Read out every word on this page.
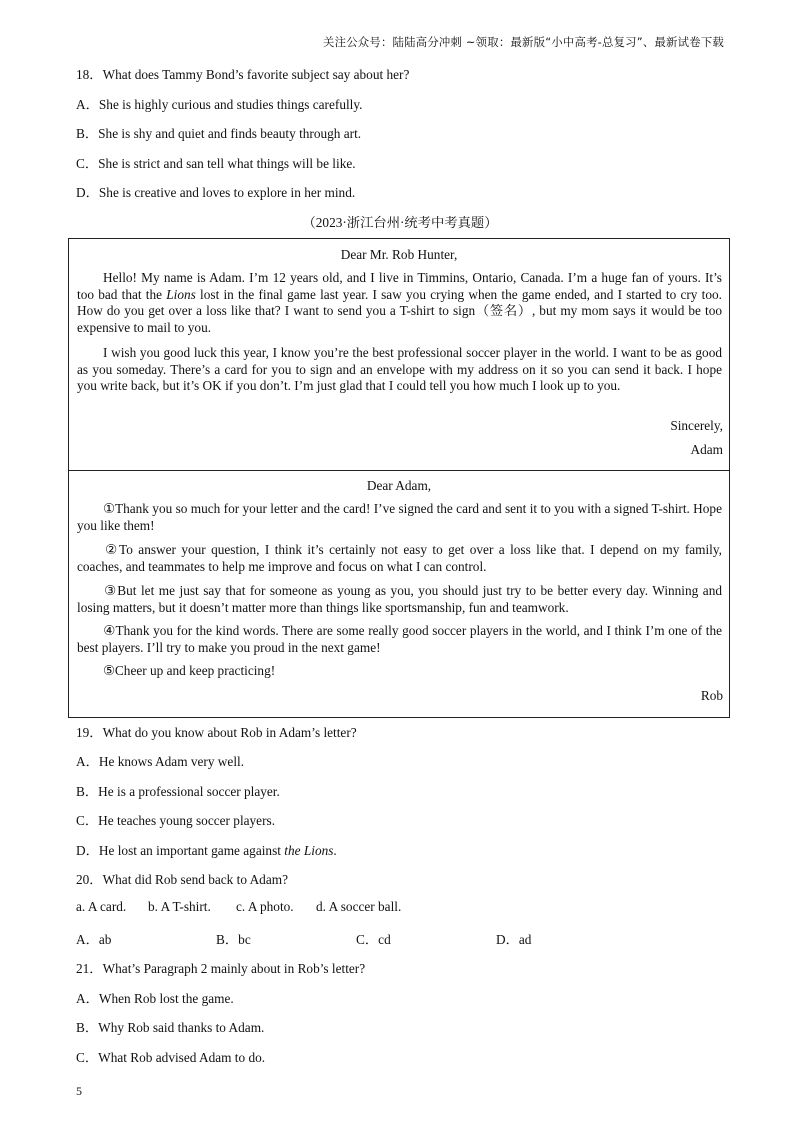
关注公众号：陆陆高分冲刺 ~领取：最新版“小中高考-总复习”、最新试卷下载
18．What does Tammy Bond’s favorite subject say about her?
A．She is highly curious and studies things carefully.
B．She is shy and quiet and finds beauty through art.
C．She is strict and san tell what things will be like.
D．She is creative and loves to explore in her mind.
（2023·浙江台州·统考中考真题）
Dear Mr. Rob Hunter,

Hello! My name is Adam. I’m 12 years old, and I live in Timmins, Ontario, Canada. I’m a huge fan of yours. It’s too bad that the Lions lost in the final game last year. I saw you crying when the game ended, and I started to cry too. How do you get over a loss like that? I want to send you a T-shirt to sign（签名）, but my mom says it would be too expensive to mail to you.

I wish you good luck this year, I know you’re the best professional soccer player in the world. I want to be as good as you someday. There’s a card for you to sign and an envelope with my address on it so you can send it back. I hope you write back, but it’s OK if you don’t. I’m just glad that I could tell you how much I look up to you.

Sincerely,
Adam
Dear Adam,

①Thank you so much for your letter and the card! I’ve signed the card and sent it to you with a signed T-shirt. Hope you like them!

②To answer your question, I think it’s certainly not easy to get over a loss like that. I depend on my family, coaches, and teammates to help me improve and focus on what I can control.

③But let me just say that for someone as young as you, you should just try to be better every day. Winning and losing matters, but it doesn’t matter more than things like sportsmanship, fun and teamwork.

④Thank you for the kind words. There are some really good soccer players in the world, and I think I’m one of the best players. I’ll try to make you proud in the next game!

⑤Cheer up and keep practicing!

Rob
19．What do you know about Rob in Adam’s letter?
A．He knows Adam very well.
B．He is a professional soccer player.
C．He teaches young soccer players.
D．He lost an important game against the Lions.
20．What did Rob send back to Adam?
a. A card. b. A T-shirt. c. A photo. d. A soccer ball.
A．ab	B．bc	C．cd	D．ad
21．What’s Paragraph 2 mainly about in Rob’s letter?
A．When Rob lost the game.
B．Why Rob said thanks to Adam.
C．What Rob advised Adam to do.
5
